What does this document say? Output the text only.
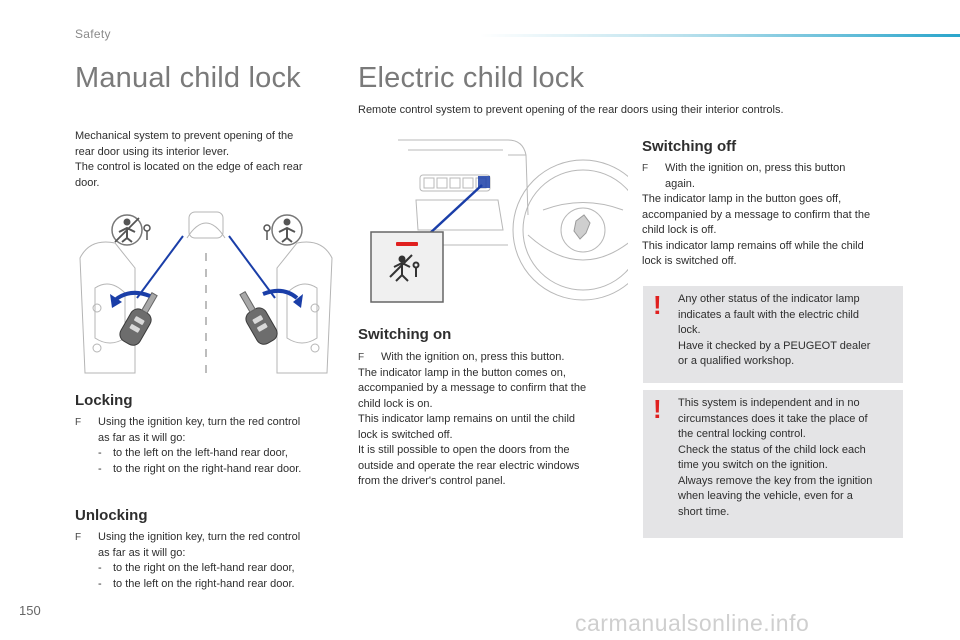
Safety
Manual child lock
Mechanical system to prevent opening of the
rear door using its interior lever.
The control is located on the edge of each rear
door.
Locking
F Using the ignition key, turn the red control
as far as it will go:
- to the left on the left-hand rear door,
- to the right on the right-hand rear door.
Unlocking
F Using the ignition key, turn the red control
as far as it will go:
- to the right on the left-hand rear door,
- to the left on the right-hand rear door.
Electric child lock
Remote control system to prevent opening of the rear doors using their interior controls.
Switching on
F With the ignition on, press this button.
The indicator lamp in the button comes on,
accompanied by a message to confirm that the
child lock is on.
This indicator lamp remains on until the child
lock is switched off.
It is still possible to open the doors from the
outside and operate the rear electric windows
from the driver's control panel.
Switching off
F With the ignition on, press this button
again.
The indicator lamp in the button goes off,
accompanied by a message to confirm that the
child lock is off.
This indicator lamp remains off while the child
lock is switched off.
! Any other status of the indicator lamp
indicates a fault with the electric child
lock.
Have it checked by a PEUGEOT dealer
or a qualified workshop.
! This system is independent and in no
circumstances does it take the place of
the central locking control.
Check the status of the child lock each
time you switch on the ignition.
Always remove the key from the ignition
when leaving the vehicle, even for a
short time.
150	carmanualsonline.info
